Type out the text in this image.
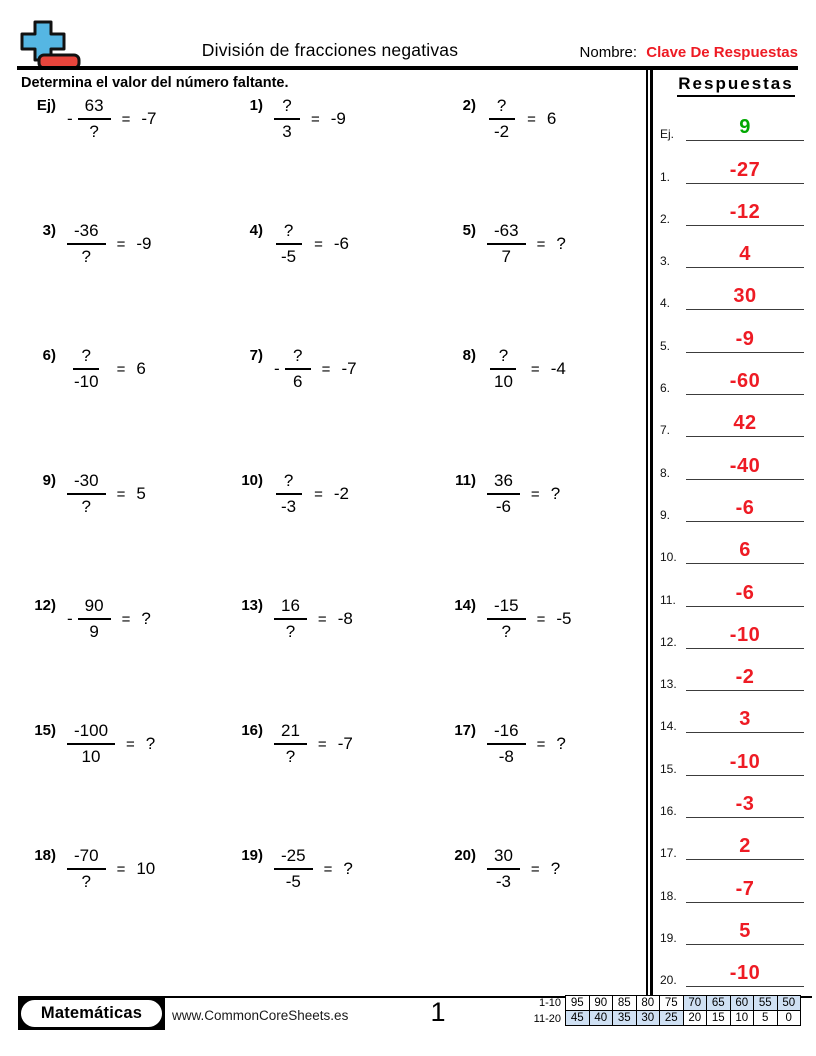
División de fracciones negativas	Nombre: Clave De Respuestas
Determina el valor del número faltante.
Ej)
- $\frac{63}{?} = -7$
$1) \frac{?}{3} = -9$
$2) \frac{?}{-2} = 6$
$3) \frac{-36}{?} = -9$
$4) \frac{?}{-5} = -6$
$5) \frac{-63}{7}$ = ?
$6) \frac{?}{-10} = 6$
7)
- $\frac{?}{6} = -7$
$8) \frac{?}{10} = -4$
$9) \frac{-30}{?} = 5$
$10) \frac{?}{-3} = -2$
$11) \frac{36}{-6}$ = ?
12)
- $\frac{90}{9}$ = ?
$13) \frac{16}{?} = -8$
$14) \frac{-15}{?} = -5$
$15) \frac{-100}{10}$ = ?
$16) \frac{21}{?} = -7$
$17) \frac{-16}{-8}$ = ?
$18) \frac{-70}{?} = 10$
$19) \frac{-25}{-5}$ = ?
$20) \frac{30}{-3}$ = ?
Respuestas
Ej.	9
1.	-27
2.	-12
3.	4
4.	30
5.	-9
6.	-60
7.	42
8.	-40
9.	-6
10.	6
11.	-6
12.	-10
13.	-2
14.	3
15.	-10
16.	-3
17.	2
18.	-7
19.	5
20.	-10
Matemáticas	www.CommonCoreSheets.es	1	1-10 95 90 85 80 75 70 65 60 55 50
11-20 45 40 35 30 25 20 15 10	5	0
